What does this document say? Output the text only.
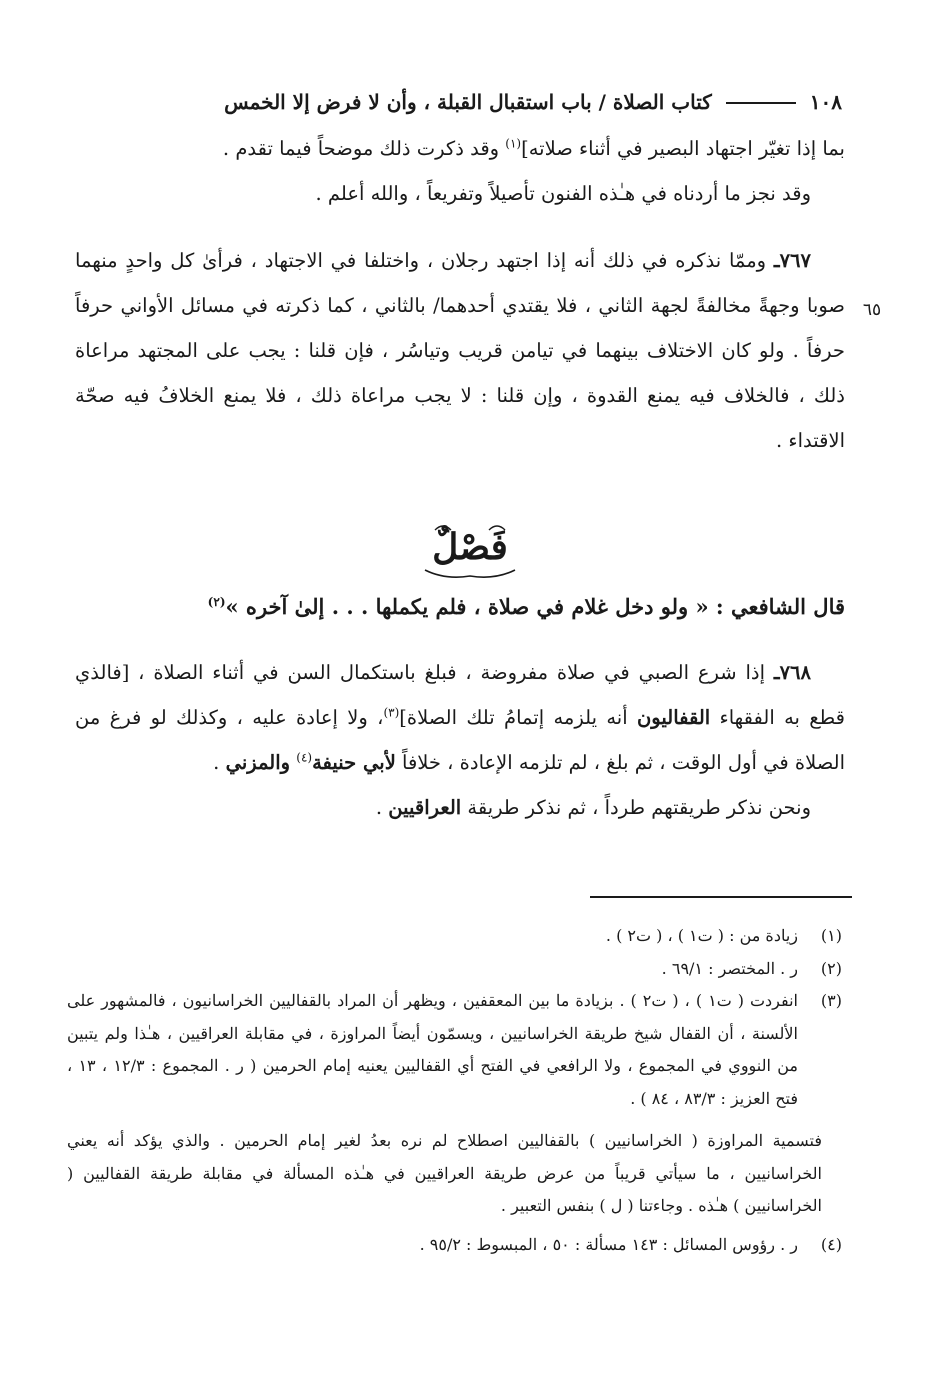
١٠٨
كتاب الصلاة / باب استقبال القبلة ، وأن لا فرض إلا الخمس

بما إذا تغيّر اجتهاد البصير في أثناء صلاته]$^{(١)}$ وقد ذكرت ذلك موضحاً فيما تقدم .

وقد نجز ما أردناه في هـٰذه الفنون تأصيلاً وتفريعاً ، والله أعلم .

٧٦٧ـ وممّا نذكره في ذلك أنه إذا اجتهد رجلان ، واختلفا في الاجتهاد ، فرأىٰ كل واحدٍ منهما صوبا وجهةً مخالفةً لجهة الثاني ، فلا يقتدي أحدهما/ بالثاني ، كما ذكرته في مسائل الأواني حرفاً حرفاً . ولو كان الاختلاف بينهما في تيامن قريب وتياسُر ، فإن قلنا : يجب على المجتهد مراعاة ذلك ، فالخلاف فيه يمنع القدوة ، وإن قلنا : لا يجب مراعاة ذلك ، فلا يمنع الخلافُ فيه صحّة الاقتداء .

٦٥
فَصْلٌ
قال الشافعي : « ولو دخل غلام في صلاة ، فلم يكملها . . . إلىٰ آخره »$^{(٢)}$

٧٦٨ـ إذا شرع الصبي في صلاة مفروضة ، فبلغ باستكمال السن في أثناء الصلاة ، [فالذي قطع به الفقهاء القفاليون أنه يلزمه إتمامُ تلك الصلاة]$^{(٣)}$، ولا إعادة عليه ، وكذلك لو فرغ من الصلاة في أول الوقت ، ثم بلغ ، لم تلزمه الإعادة ، خلافاً لأبي حنيفة$^{(٤)}$ والمزني .

ونحن نذكر طريقتهم طرداً ، ثم نذكر طريقة العراقيين .

(١)
زيادة من : ( ت١ ) ، ( ت٢ ) .

(٢)
ر . المختصر : ٦٩/١ .

(٣)
انفردت ( ت١ ) ، ( ت٢ ) . بزيادة ما بين المعقفين ، ويظهر أن المراد بالقفاليين الخراسانيون ، فالمشهور على الألسنة ، أن القفال شيخ طريقة الخراسانيين ، ويسمّون أيضاً المراوزة ، في مقابلة العراقيين ، هـٰذا ولم يتبين من النووي في المجموع ، ولا الرافعي في الفتح أي القفاليين يعنيه إمام الحرمين ( ر . المجموع : ١٢/٣ ، ١٣ ، فتح العزيز : ٨٣/٣ ، ٨٤ ) .

فتسمية المراوزة ( الخراسانيين ) بالقفاليين اصطلاح لم نره بعدُ لغير إمام الحرمين . والذي يؤكد أنه يعني الخراسانيين ، ما سيأتي قريباً من عرض طريقة العراقيين في هـٰذه المسألة في مقابلة طريقة القفاليين ( الخراسانيين ) هـٰذه . وجاءتنا ( ل ) بنفس التعبير .

(٤)
ر . رؤوس المسائل : ١٤٣ مسألة : ٥٠ ، المبسوط : ٩٥/٢ .
